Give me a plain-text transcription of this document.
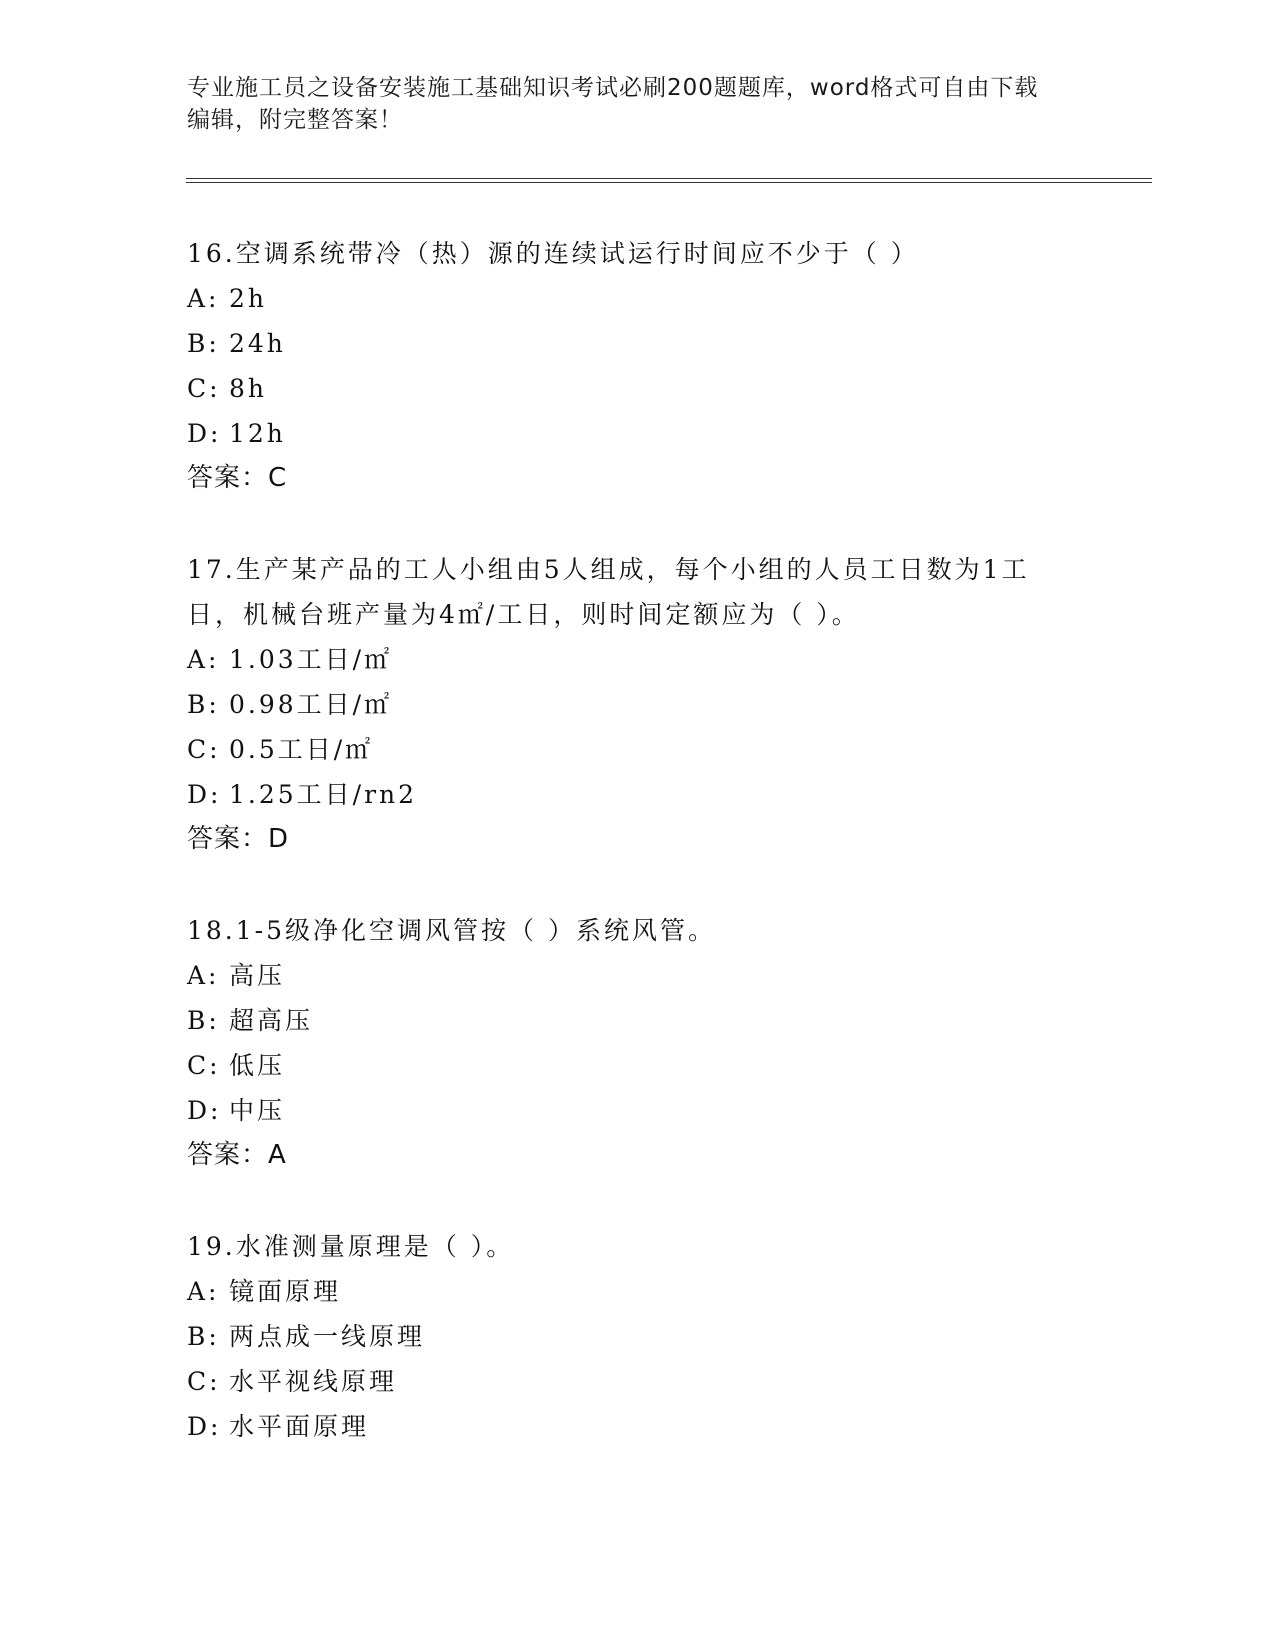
专业施工员之设备安装施工基础知识考试必刷200题题库，word格式可自由下载
编辑，附完整答案！

16.空调系统带冷（热）源的连续试运行时间应不少于（ ）

A: 2h

B: 24h

C: 8h

D: 12h

答案：C

17.生产某产品的工人小组由5人组成，每个小组的人员工日数为1工

日，机械台班产量为4㎡/工日，则时间定额应为（ ）。

A: 1.03工日/㎡

B: 0.98工日/㎡

C: 0.5工日/㎡

D: 1.25工日/rn2

答案：D

18.1-5级净化空调风管按（ ）系统风管。

A: 高压

B: 超高压

C: 低压

D: 中压

答案：A

19.水准测量原理是（ ）。

A: 镜面原理

B: 两点成一线原理

C: 水平视线原理

D: 水平面原理
